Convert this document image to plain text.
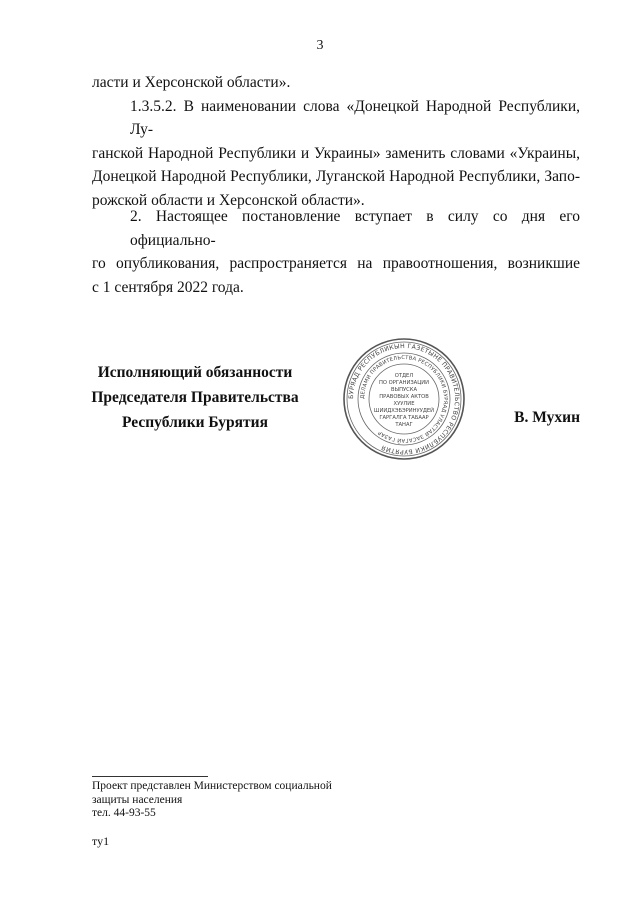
3
ласти и Херсонской области».
1.3.5.2. В наименовании слова «Донецкой Народной Республики, Лу-
ганской Народной Республики и Украины» заменить словами «Украины,
Донецкой Народной Республики, Луганской Народной Республики, Запо-
рожской области и Херсонской области».
2. Настоящее постановление вступает в силу со дня его официально-
го опубликования, распространяется на правоотношения, возникшие
с 1 сентября 2022 года.
Исполняющий обязанности
Председателя Правительства
Республики Бурятия
БУРЯАД РЕСПУБЛИКЫН ГАЗЕТЫНЕ ПРАВИТЕЛЬСТВО РЕСПУБЛИКИ БУРЯТИЯ
ДЕЛАМИ ПРАВИТЕЛЬСТВА РЕСПУБЛИКИ БУРЯАД УЛАСТАЙ ЗАСАГАЙ ГАЗАР
ОТДЕЛ
ПО ОРГАНИЗАЦИИ
ВЫПУСКА
ПРАВОВЫХ АКТОВ
ХУУЛИЕ
ШИИДХЭБЭРИНУУДЕЙ
ГАРГАЛГА ТАБААР
ТАНАГ	В. Мухин
Проект представлен Министерством социальной
защиты населения
тел. 44-93-55
ту1
